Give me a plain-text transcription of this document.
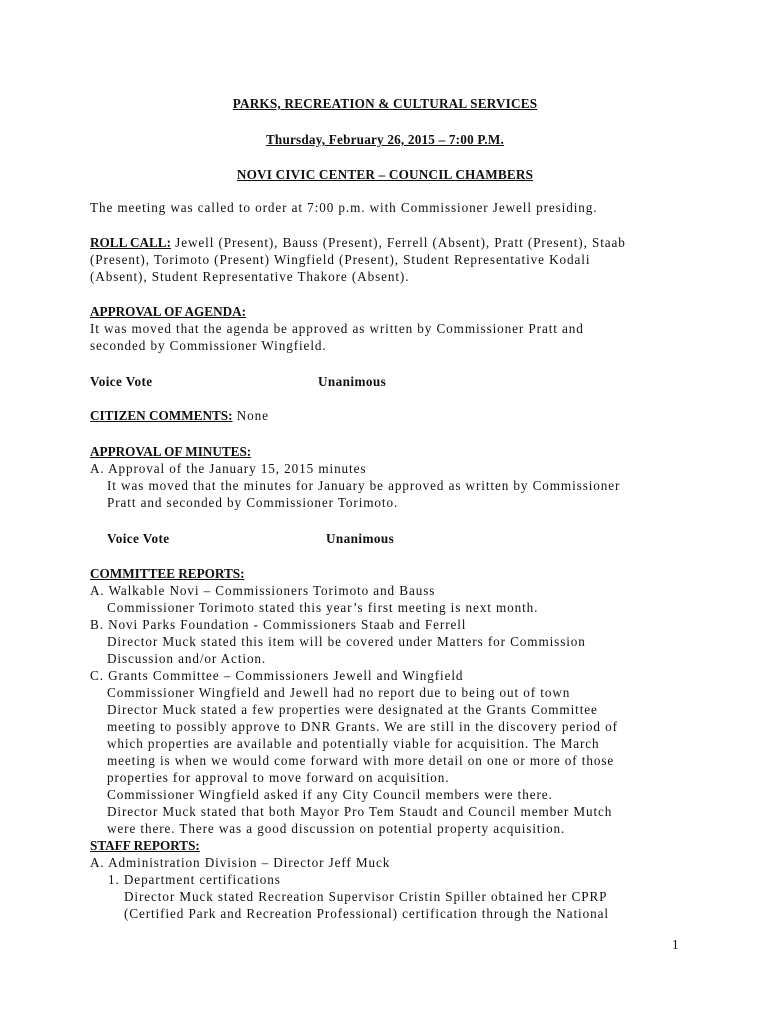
PARKS, RECREATION & CULTURAL SERVICES
Thursday, February 26, 2015 – 7:00 P.M.
NOVI CIVIC CENTER – COUNCIL CHAMBERS
The meeting was called to order at 7:00 p.m. with Commissioner Jewell presiding.
ROLL CALL: Jewell (Present), Bauss (Present), Ferrell (Absent), Pratt (Present), Staab
(Present), Torimoto (Present) Wingfield (Present), Student Representative Kodali
(Absent), Student Representative Thakore (Absent).
APPROVAL OF AGENDA:
It was moved that the agenda be approved as written by Commissioner Pratt and
seconded by Commissioner Wingfield.
Voice Vote	Unanimous
CITIZEN COMMENTS: None
APPROVAL OF MINUTES:
A. Approval of the January 15, 2015 minutes
It was moved that the minutes for January be approved as written by Commissioner
Pratt and seconded by Commissioner Torimoto.
Voice Vote	Unanimous
COMMITTEE REPORTS:
A. Walkable Novi – Commissioners Torimoto and Bauss
Commissioner Torimoto stated this year’s first meeting is next month.
B. Novi Parks Foundation - Commissioners Staab and Ferrell
Director Muck stated this item will be covered under Matters for Commission
Discussion and/or Action.
C. Grants Committee – Commissioners Jewell and Wingfield
Commissioner Wingfield and Jewell had no report due to being out of town
Director Muck stated a few properties were designated at the Grants Committee
meeting to possibly approve to DNR Grants. We are still in the discovery period of
which properties are available and potentially viable for acquisition. The March
meeting is when we would come forward with more detail on one or more of those
properties for approval to move forward on acquisition.
Commissioner Wingfield asked if any City Council members were there.
Director Muck stated that both Mayor Pro Tem Staudt and Council member Mutch
were there. There was a good discussion on potential property acquisition.
STAFF REPORTS:
A. Administration Division – Director Jeff Muck
1. Department certifications
Director Muck stated Recreation Supervisor Cristin Spiller obtained her CPRP
(Certified Park and Recreation Professional) certification through the National
1
